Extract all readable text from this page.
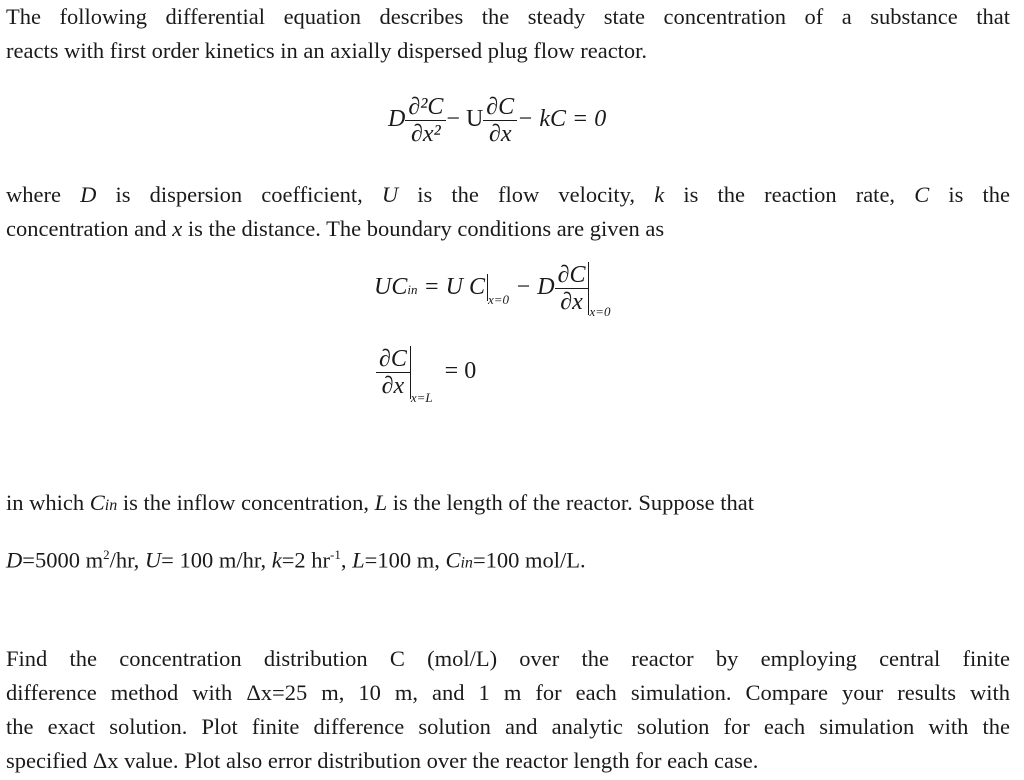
The following differential equation describes the steady state concentration of a substance that
reacts with first order kinetics in an axially dispersed plug flow reactor.

D $\frac{\text{∂²C}}{\text{∂x²}} - U \frac{\partial C}{\partial x}$ − kC = 0

where D is dispersion coefficient, U is the flow velocity, k is the reaction rate, C is the
concentration and x is the distance. The boundary conditions are given as

UCin = U C $_{x=0}$ − D $\frac{\partial C}{\partial x} _{x=0}$
$\frac{\partial C}{\partial x} _{x=L} = 0$

in which Cin is the inflow concentration, L is the length of the reactor. Suppose that

D=5000 $m^2/hr$, U= 100 m/hr, k=2 $hr^{-1}$, L=100 m, Cin=100 mol/L.

Find the concentration distribution C (mol/L) over the reactor by employing central finite
difference method with Δx=25 m, 10 m, and 1 m for each simulation. Compare your results with
the exact solution. Plot finite difference solution and analytic solution for each simulation with the
specified Δx value. Plot also error distribution over the reactor length for each case.
